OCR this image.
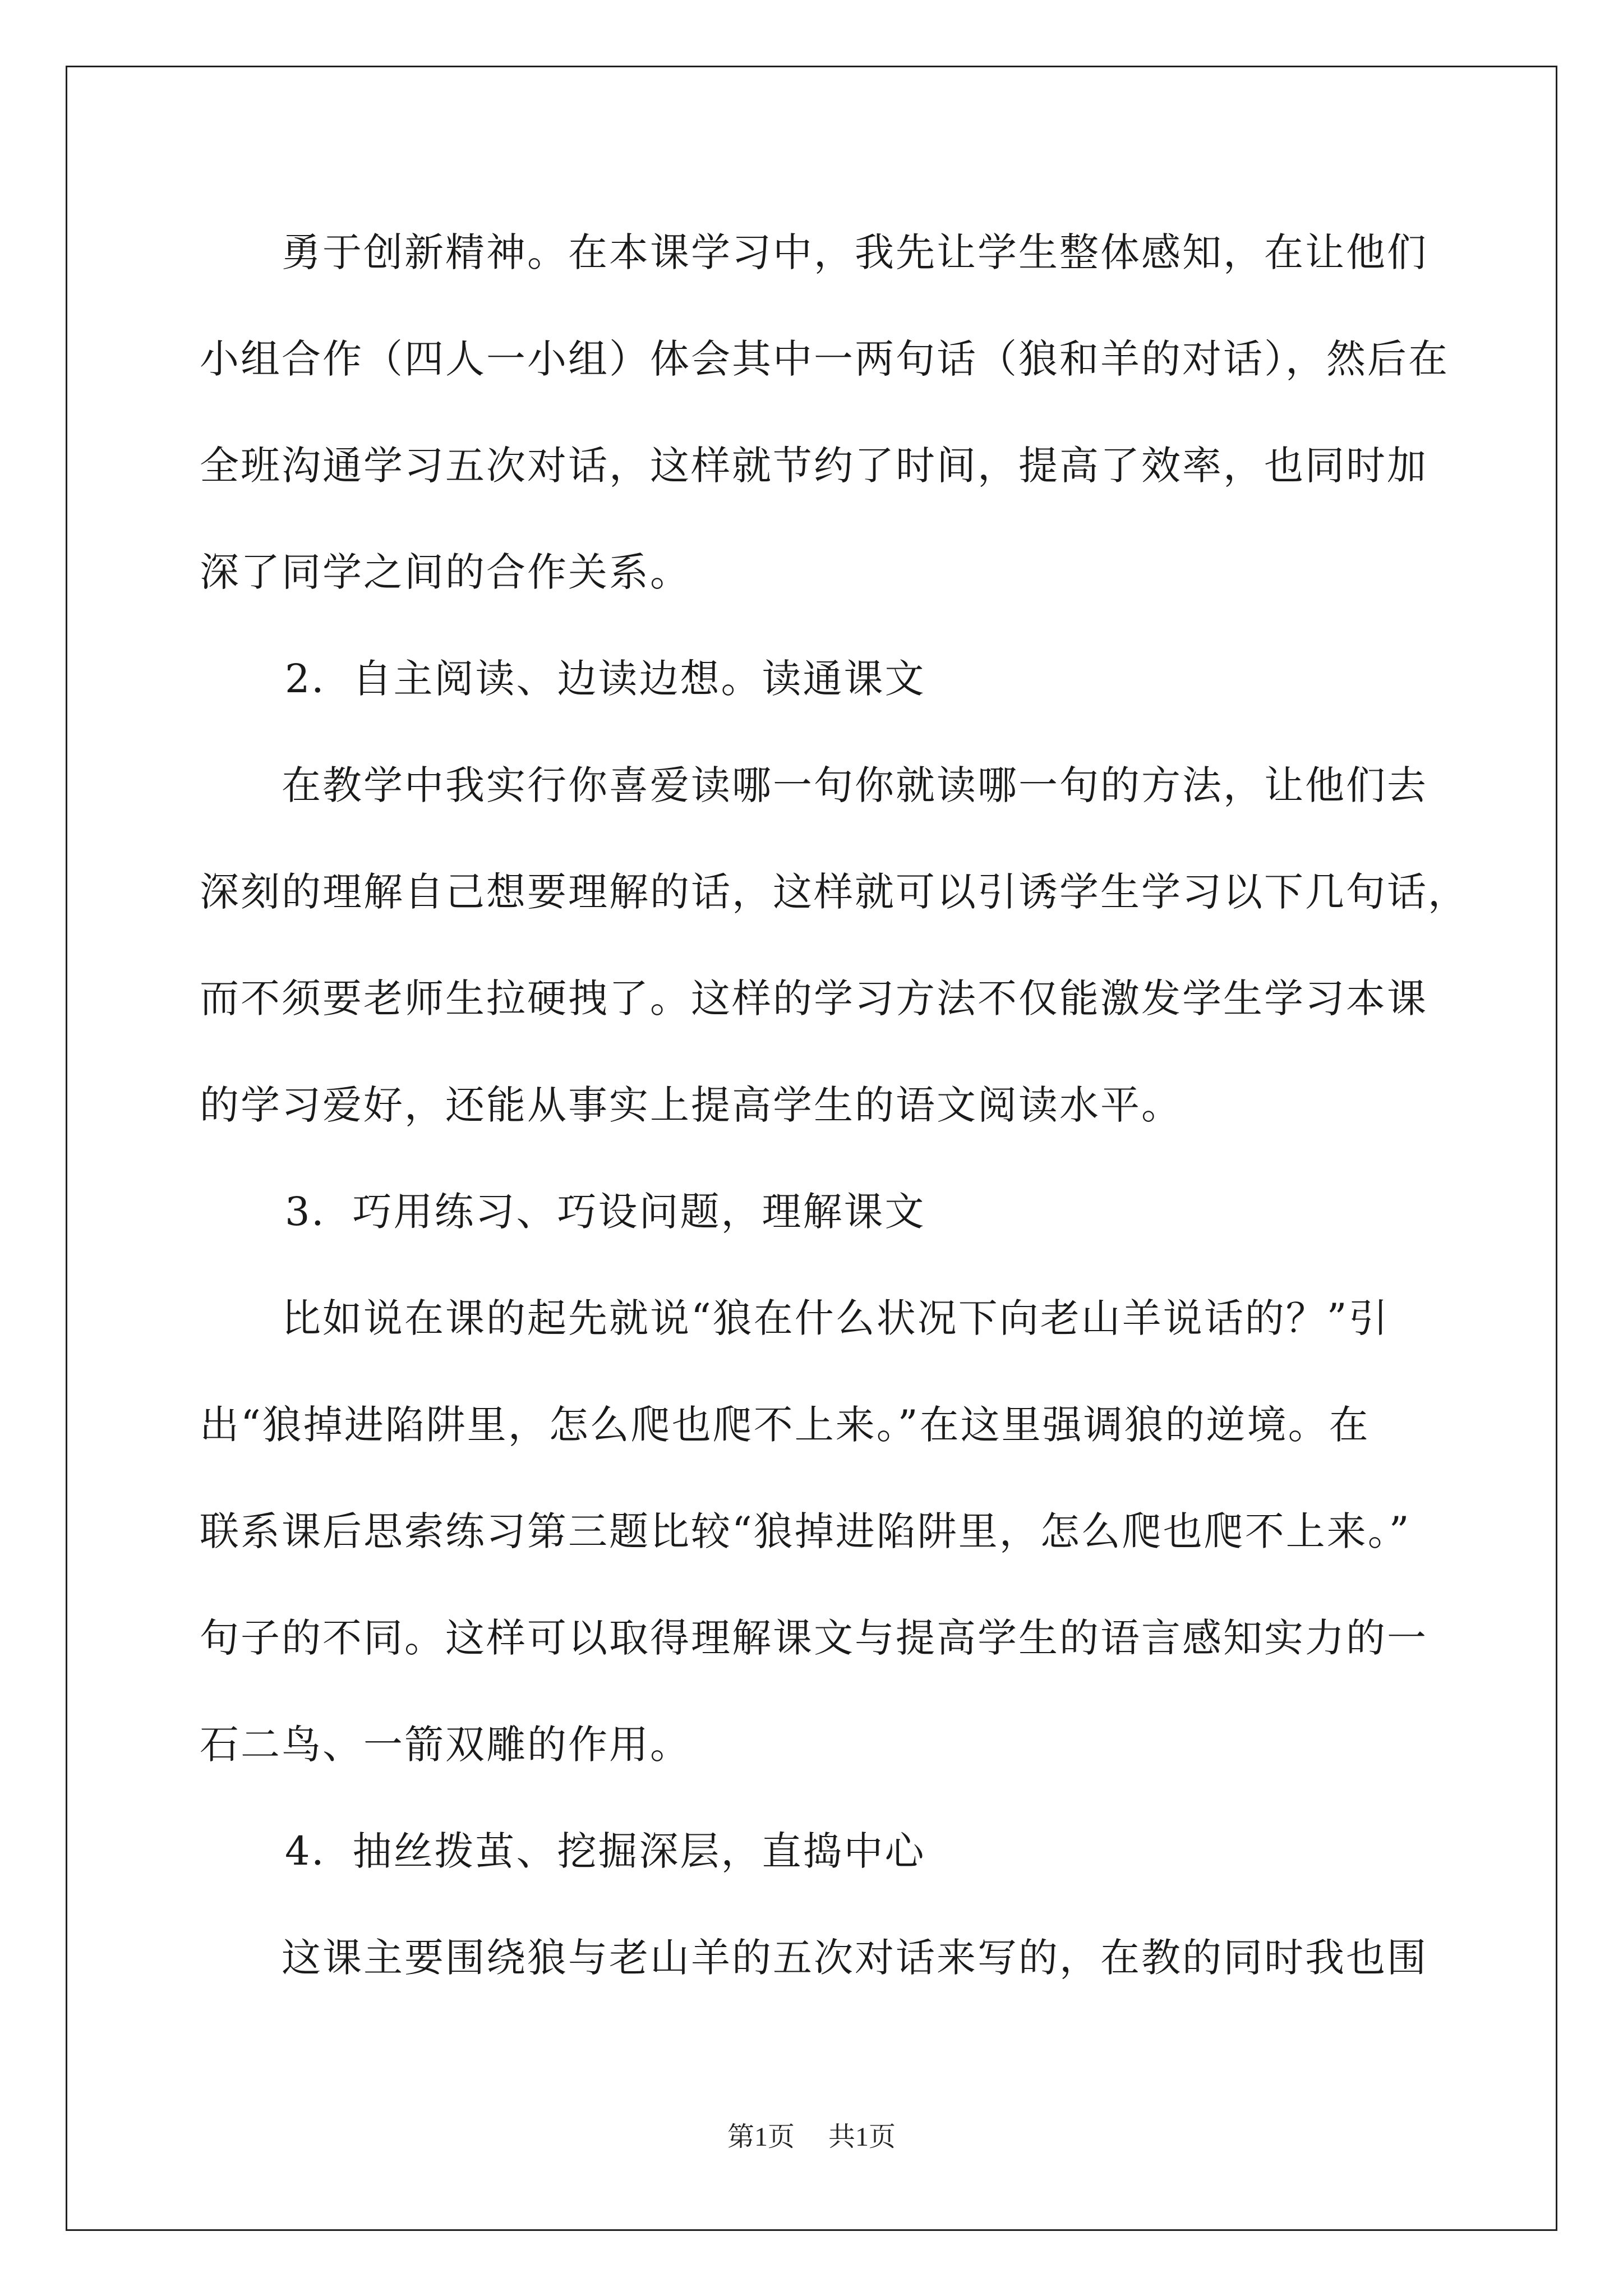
勇于创新精神。在本课学习中，我先让学生整体感知，在让他们
小组合作（四人一小组）体会其中一两句话（狼和羊的对话），然后在
全班沟通学习五次对话，这样就节约了时间，提高了效率，也同时加
深了同学之间的合作关系。
2．自主阅读、边读边想。读通课文
在教学中我实行你喜爱读哪一句你就读哪一句的方法，让他们去
深刻的理解自己想要理解的话，这样就可以引诱学生学习以下几句话，
而不须要老师生拉硬拽了。这样的学习方法不仅能激发学生学习本课
的学习爱好，还能从事实上提高学生的语文阅读水平。
3．巧用练习、巧设问题，理解课文
比如说在课的起先就说“狼在什么状况下向老山羊说话的？”引
出“狼掉进陷阱里，怎么爬也爬不上来。”在这里强调狼的逆境。在
联系课后思索练习第三题比较“狼掉进陷阱里，怎么爬也爬不上来。”
句子的不同。这样可以取得理解课文与提高学生的语言感知实力的一
石二鸟、一箭双雕的作用。
4．抽丝拨茧、挖掘深层，直捣中心
这课主要围绕狼与老山羊的五次对话来写的，在教的同时我也围
第1页 共1页
